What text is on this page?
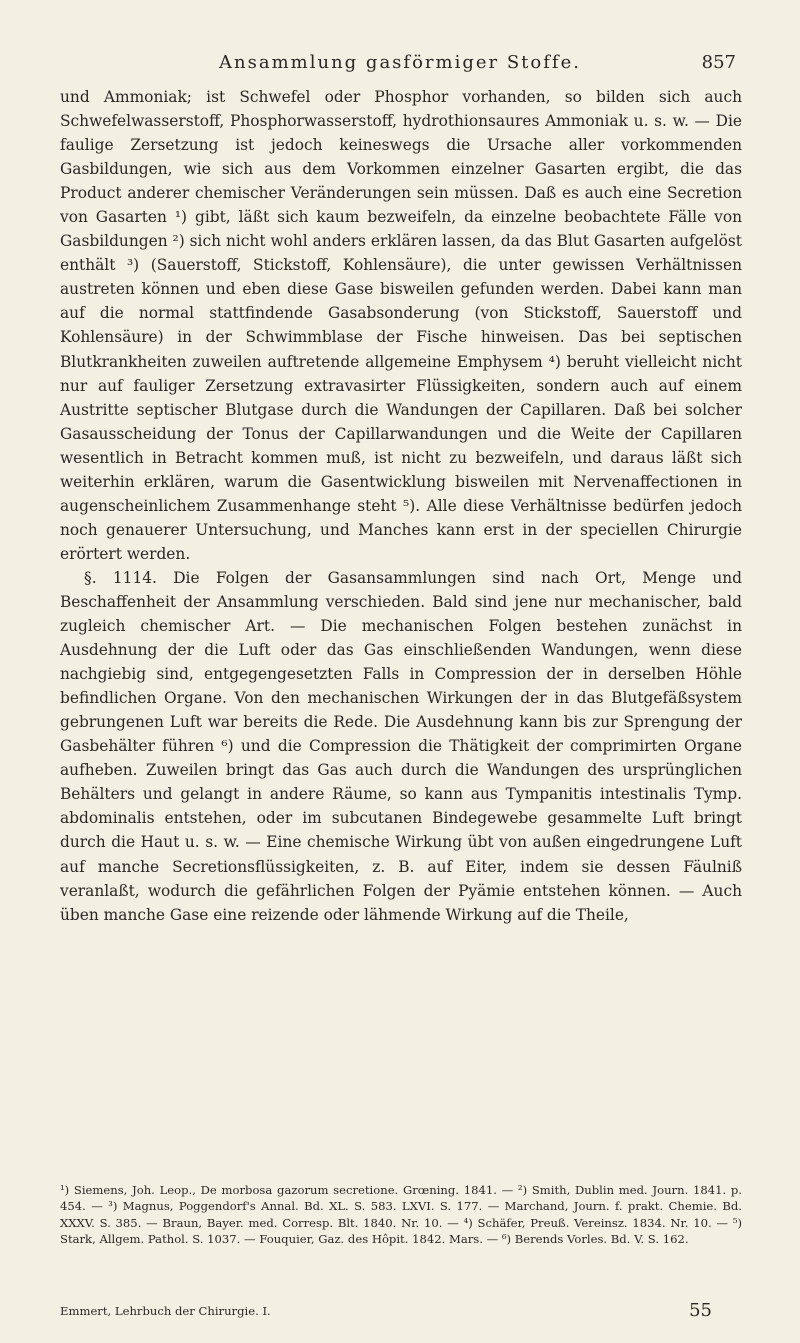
Ansammlung gasförmiger Stoffe.	857

und Ammoniak; ist Schwefel oder Phosphor vorhanden, so bilden sich auch Schwefelwasserstoff, Phosphorwasserstoff, hydrothionsaures Ammoniak u. s. w. — Die faulige Zersetzung ist jedoch keineswegs die Ursache aller vorkommenden Gasbildungen, wie sich aus dem Vorkommen einzelner Gasarten ergibt, die das Product anderer chemischer Veränderungen sein müssen. Daß es auch eine Secretion von Gasarten ¹) gibt, läßt sich kaum bezweifeln, da einzelne beobachtete Fälle von Gasbildungen ²) sich nicht wohl anders erklären lassen, da das Blut Gasarten aufgelöst enthält ³) (Sauerstoff, Stickstoff, Kohlensäure), die unter gewissen Verhältnissen austreten können und eben diese Gase bisweilen gefunden werden. Dabei kann man auf die normal stattfindende Gasabsonderung (von Stickstoff, Sauerstoff und Kohlensäure) in der Schwimmblase der Fische hinweisen. Das bei septischen Blutkrankheiten zuweilen auftretende allgemeine Emphysem ⁴) beruht vielleicht nicht nur auf fauliger Zersetzung extravasirter Flüssigkeiten, sondern auch auf einem Austritte septischer Blutgase durch die Wandungen der Capillaren. Daß bei solcher Gasausscheidung der Tonus der Capillarwandungen und die Weite der Capillaren wesentlich in Betracht kommen muß, ist nicht zu bezweifeln, und daraus läßt sich weiterhin erklären, warum die Gasentwicklung bisweilen mit Nervenaffectionen in augenscheinlichem Zusammenhange steht ⁵). Alle diese Verhältnisse bedürfen jedoch noch genauerer Untersuchung, und Manches kann erst in der speciellen Chirurgie erörtert werden.

§. 1114. Die Folgen der Gasansammlungen sind nach Ort, Menge und Beschaffenheit der Ansammlung verschieden. Bald sind jene nur mechanischer, bald zugleich chemischer Art. — Die mechanischen Folgen bestehen zunächst in Ausdehnung der die Luft oder das Gas einschließenden Wandungen, wenn diese nachgiebig sind, entgegengesetzten Falls in Compression der in derselben Höhle befindlichen Organe. Von den mechanischen Wirkungen der in das Blutgefäßsystem gebrungenen Luft war bereits die Rede. Die Ausdehnung kann bis zur Sprengung der Gasbehälter führen ⁶) und die Compression die Thätigkeit der comprimirten Organe aufheben. Zuweilen bringt das Gas auch durch die Wandungen des ursprünglichen Behälters und gelangt in andere Räume, so kann aus Tympanitis intestinalis Tymp. abdominalis entstehen, oder im subcutanen Bindegewebe gesammelte Luft bringt durch die Haut u. s. w. — Eine chemische Wirkung übt von außen eingedrungene Luft auf manche Secretionsflüssigkeiten, z. B. auf Eiter, indem sie dessen Fäulniß veranlaßt, wodurch die gefährlichen Folgen der Pyämie entstehen können. — Auch üben manche Gase eine reizende oder lähmende Wirkung auf die Theile,

¹) Siemens, Joh. Leop., De morbosa gazorum secretione. Grœning. 1841. — ²) Smith, Dublin med. Journ. 1841. p. 454. — ³) Magnus, Poggendorf's Annal. Bd. XL. S. 583. LXVI. S. 177. — Marchand, Journ. f. prakt. Chemie. Bd. XXXV. S. 385. — Braun, Bayer. med. Corresp. Blt. 1840. Nr. 10. — ⁴) Schäfer, Preuß. Vereinsz. 1834. Nr. 10. — ⁵) Stark, Allgem. Pathol. S. 1037. — Fouquier, Gaz. des Hôpit. 1842. Mars. — ⁶) Berends Vorles. Bd. V. S. 162.

Emmert, Lehrbuch der Chirurgie. I.	55
